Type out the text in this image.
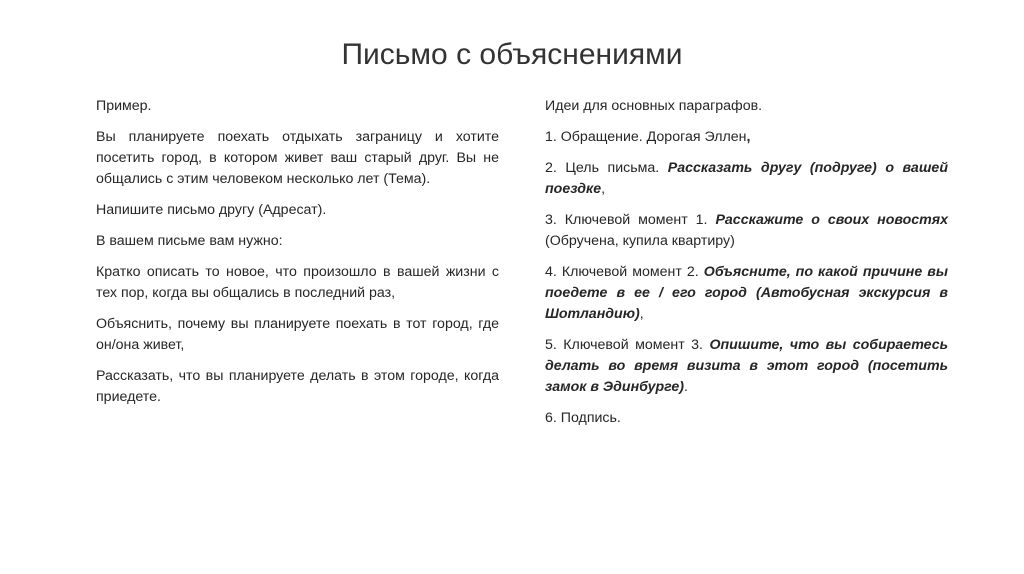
Письмо с объяснениями

Пример.

Вы планируете поехать отдыхать заграницу и хотите посетить город, в котором живет ваш старый друг. Вы не общались с этим человеком несколько лет (Тема).

Напишите письмо другу (Адресат).

В вашем письме вам нужно:

Кратко описать то новое, что произошло в вашей жизни с тех пор, когда вы общались в последний раз,

Объяснить, почему вы планируете поехать в тот город, где он/она живет,

Рассказать, что вы планируете делать в этом городе, когда приедете.

Идеи для основных параграфов.

1. Обращение. Дорогая Эллен,

2. Цель письма. Рассказать другу (подруге) о вашей поездке,

3. Ключевой момент 1. Расскажите о своих новостях (Обручена, купила квартиру)

4. Ключевой момент 2. Объясните, по какой причине вы поедете в ее / его город (Автобусная экскурсия в Шотландию),

5. Ключевой момент 3. Опишите, что вы собираетесь делать во время визита в этот город (посетить замок в Эдинбурге).

6. Подпись.
